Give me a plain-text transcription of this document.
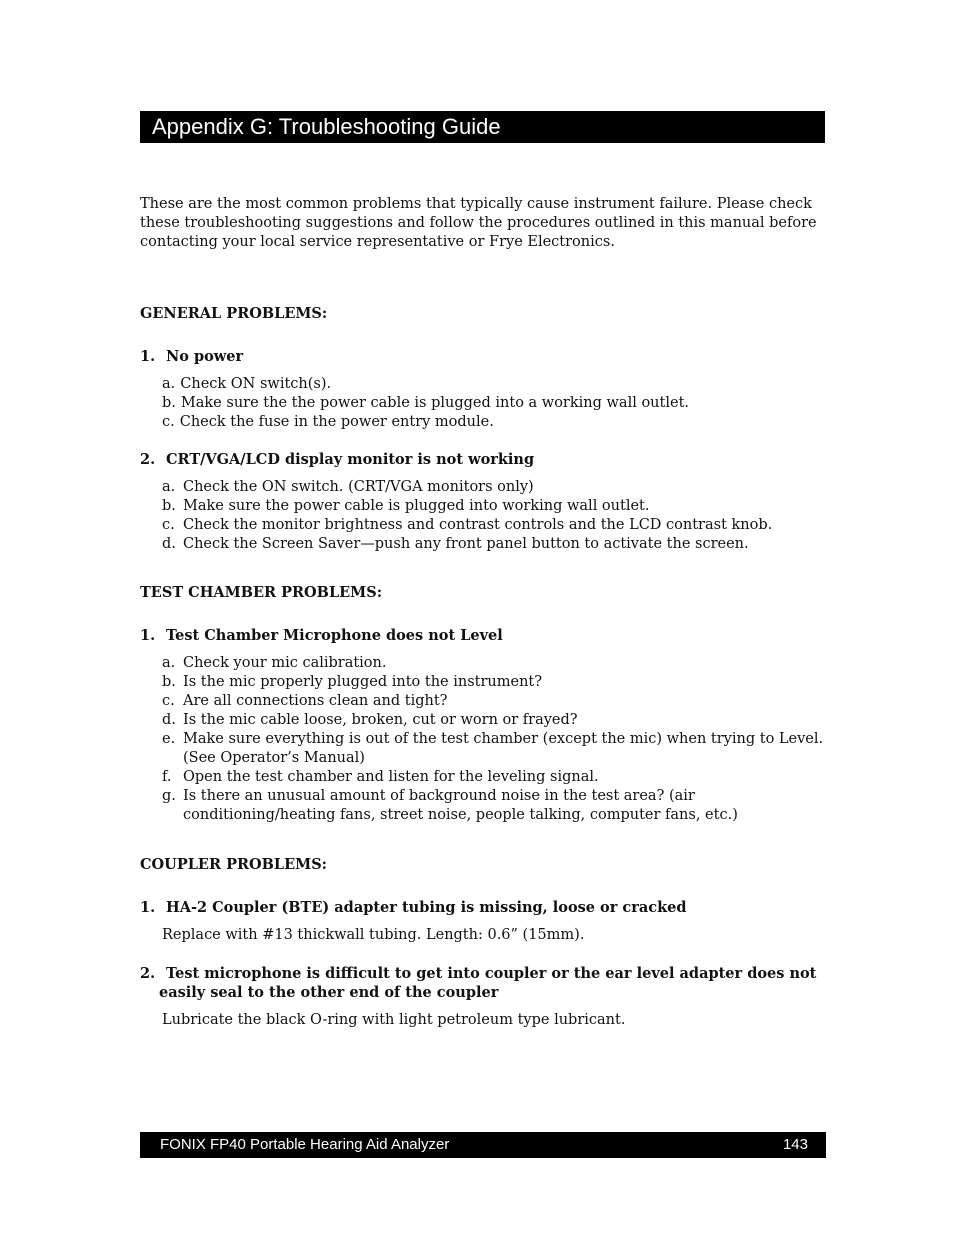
Appendix G: Troubleshooting Guide

These are the most common problems that typically cause instrument failure. Please check these troubleshooting suggestions and follow the procedures outlined in this manual before contacting your local service representative or Frye Electronics.

GENERAL PROBLEMS:

1. No power

a. Check ON switch(s).
b. Make sure the the power cable is plugged into a working wall outlet.
c. Check the fuse in the power entry module.

2. CRT/VGA/LCD display monitor is not working

a. Check the ON switch. (CRT/VGA monitors only)
b. Make sure the power cable is plugged into working wall outlet.
c. Check the monitor brightness and contrast controls and the LCD contrast knob.
d. Check the Screen Saver—push any front panel button to activate the screen.

TEST CHAMBER PROBLEMS:

1. Test Chamber Microphone does not Level

a. Check your mic calibration.
b. Is the mic properly plugged into the instrument?
c. Are all connections clean and tight?
d. Is the mic cable loose, broken, cut or worn or frayed?
e. Make sure everything is out of the test chamber (except the mic) when trying to Level. (See Operator’s Manual)
f. Open the test chamber and listen for the leveling signal.
g. Is there an unusual amount of background noise in the test area? (air conditioning/heating fans, street noise, people talking, computer fans, etc.)

COUPLER PROBLEMS:

1. HA-2 Coupler (BTE) adapter tubing is missing, loose or cracked

Replace with #13 thickwall tubing. Length: 0.6” (15mm).

2. Test microphone is difficult to get into coupler or the ear level adapter does not easily seal to the other end of the coupler

Lubricate the black O-ring with light petroleum type lubricant.

FONIX FP40 Portable Hearing Aid Analyzer	143
